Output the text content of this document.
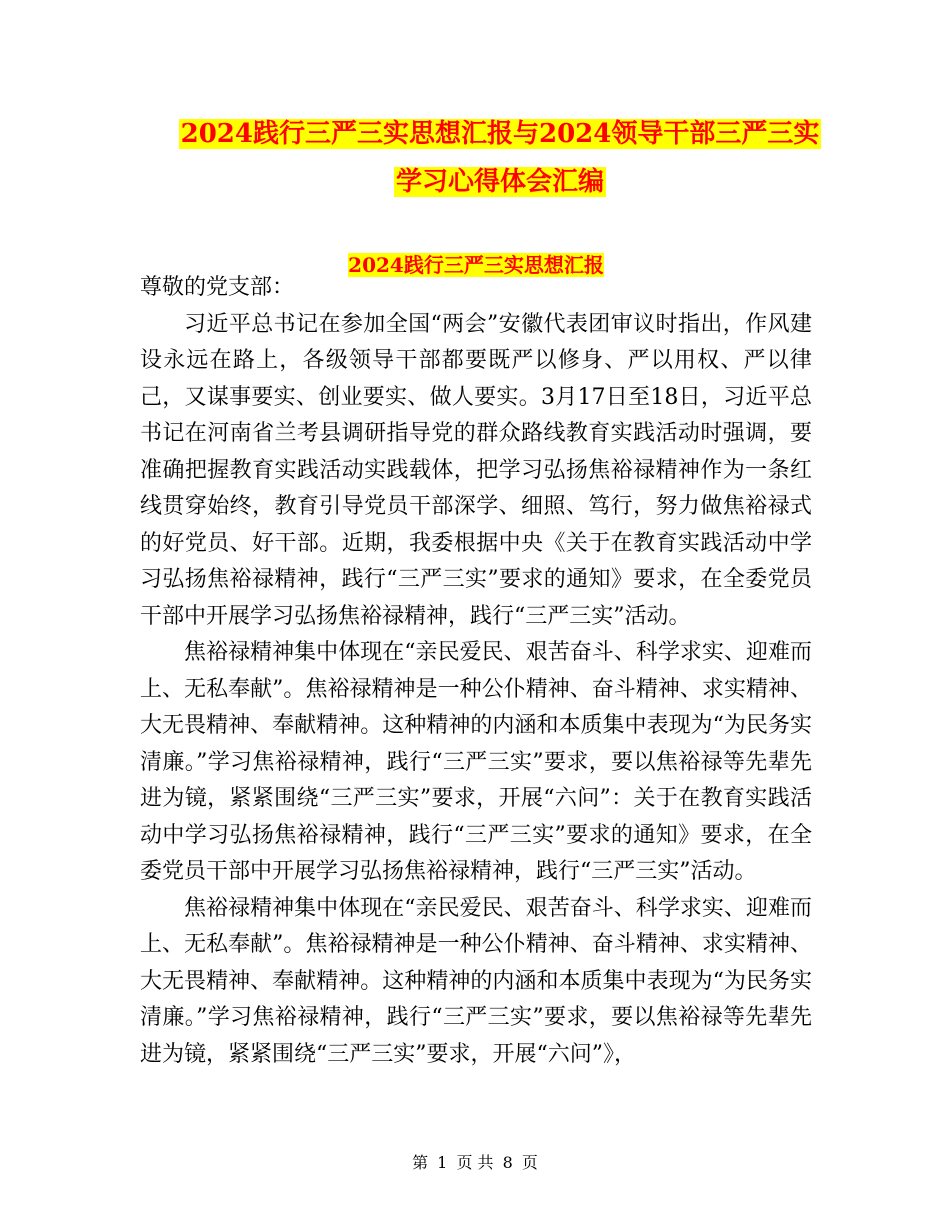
2024践行三严三实思想汇报与2024领导干部三严三实
学习心得体会汇编
2024践行三严三实思想汇报

尊敬的党支部：

习近平总书记在参加全国“两会”安徽代表团审议时指出，作风建设永远在路上，各级领导干部都要既严以修身、严以用权、严以律己，又谋事要实、创业要实、做人要实。3月17日至18日，习近平总书记在河南省兰考县调研指导党的群众路线教育实践活动时强调，要准确把握教育实践活动实践载体，把学习弘扬焦裕禄精神作为一条红线贯穿始终，教育引导党员干部深学、细照、笃行，努力做焦裕禄式的好党员、好干部。近期，我委根据中央《关于在教育实践活动中学习弘扬焦裕禄精神，践行“三严三实”要求的通知》要求，在全委党员干部中开展学习弘扬焦裕禄精神，践行“三严三实”活动。

焦裕禄精神集中体现在“亲民爱民、艰苦奋斗、科学求实、迎难而上、无私奉献”。焦裕禄精神是一种公仆精神、奋斗精神、求实精神、大无畏精神、奉献精神。这种精神的内涵和本质集中表现为“为民务实清廉。”学习焦裕禄精神，践行“三严三实”要求，要以焦裕禄等先辈先进为镜，紧紧围绕“三严三实”要求，开展“六问”：关于在教育实践活动中学习弘扬焦裕禄精神，践行“三严三实”要求的通知》要求，在全委党员干部中开展学习弘扬焦裕禄精神，践行“三严三实”活动。

焦裕禄精神集中体现在“亲民爱民、艰苦奋斗、科学求实、迎难而上、无私奉献”。焦裕禄精神是一种公仆精神、奋斗精神、求实精神、大无畏精神、奉献精神。这种精神的内涵和本质集中表现为“为民务实清廉。”学习焦裕禄精神，践行“三严三实”要求，要以焦裕禄等先辈先进为镜，紧紧围绕“三严三实”要求，开展“六问”》，

第 1 页 共 8 页
